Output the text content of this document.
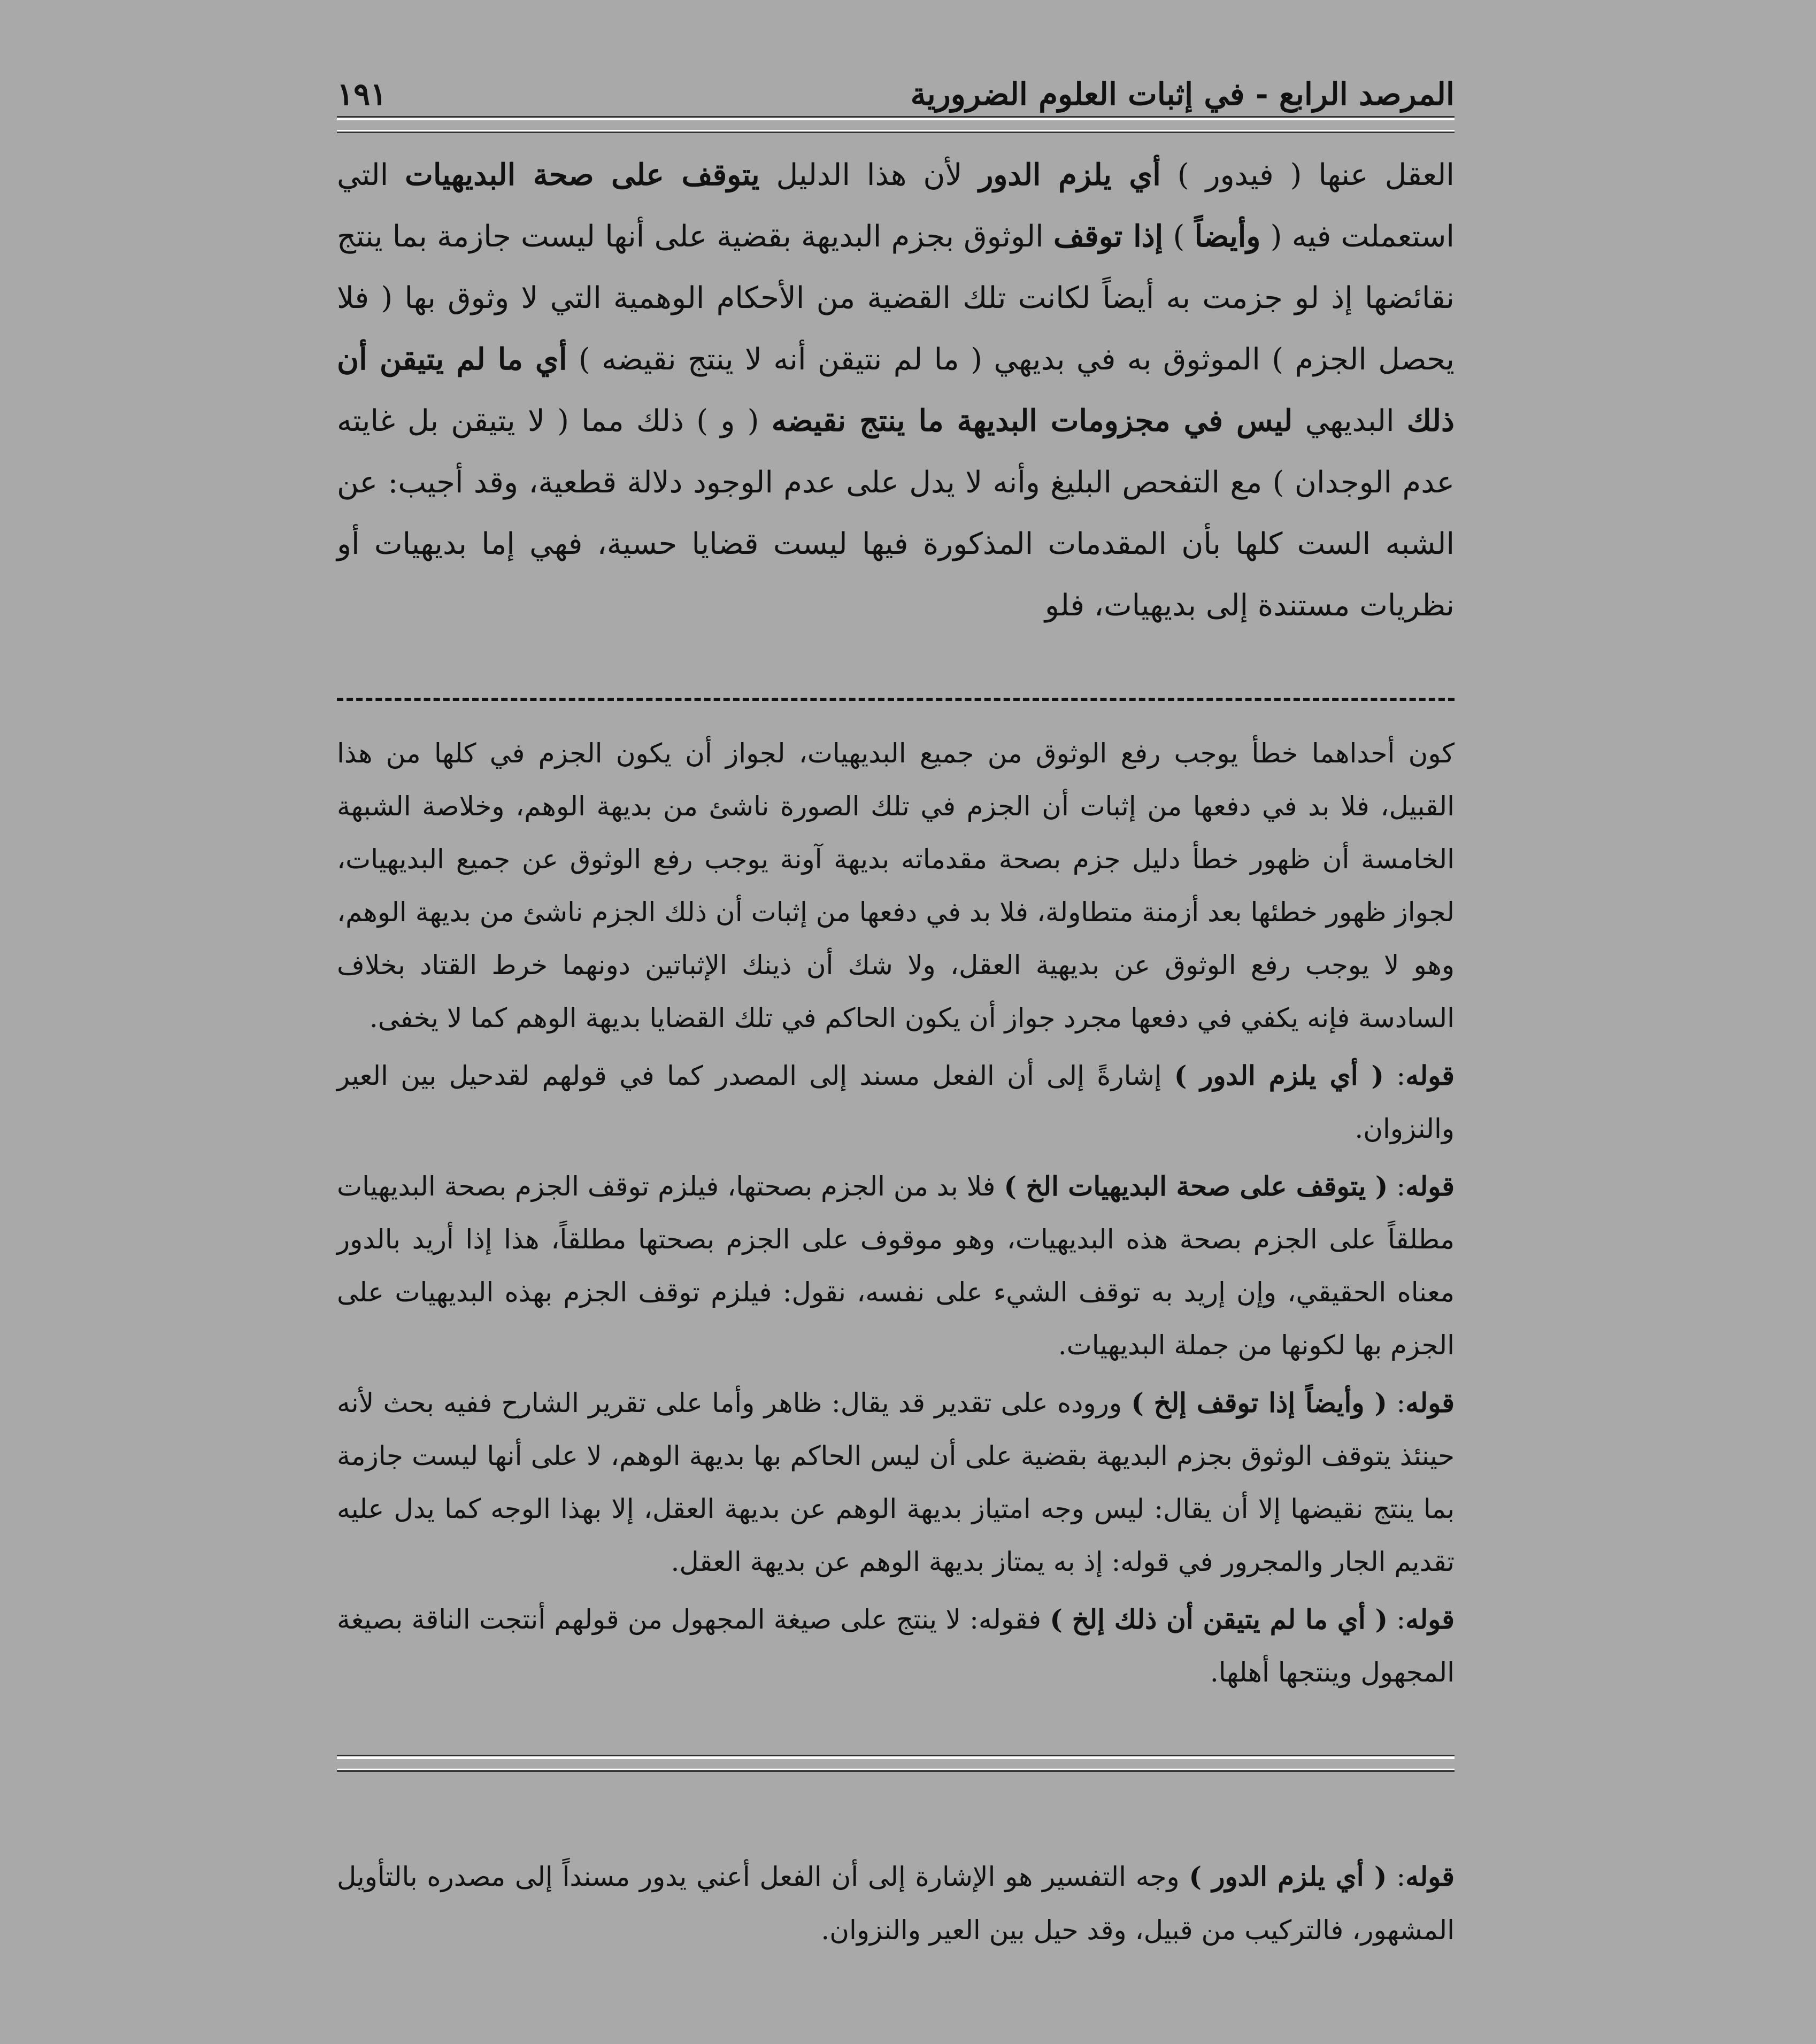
المرصد الرابع - في إثبات العلوم الضرورية
١٩١

العقل عنها ( فيدور ) أي يلزم الدور لأن هذا الدليل يتوقف على صحة البديهيات التي استعملت فيه ( وأيضاً ) إذا توقف الوثوق بجزم البديهة بقضية على أنها ليست جازمة بما ينتج نقائضها إذ لو جزمت به أيضاً لكانت تلك القضية من الأحكام الوهمية التي لا وثوق بها ( فلا يحصل الجزم ) الموثوق به في بديهي ( ما لم نتيقن أنه لا ينتج نقيضه ) أي ما لم يتيقن أن ذلك البديهي ليس في مجزومات البديهة ما ينتج نقيضه ( و ) ذلك مما ( لا يتيقن بل غايته عدم الوجدان ) مع التفحص البليغ وأنه لا يدل على عدم الوجود دلالة قطعية، وقد أجيب: عن الشبه الست كلها بأن المقدمات المذكورة فيها ليست قضايا حسية، فهي إما بديهيات أو نظريات مستندة إلى بديهيات، فلو

كون أحداهما خطأ يوجب رفع الوثوق من جميع البديهيات، لجواز أن يكون الجزم في كلها من هذا القبيل، فلا بد في دفعها من إثبات أن الجزم في تلك الصورة ناشئ من بديهة الوهم، وخلاصة الشبهة الخامسة أن ظهور خطأ دليل جزم بصحة مقدماته بديهة آونة يوجب رفع الوثوق عن جميع البديهيات، لجواز ظهور خطئها بعد أزمنة متطاولة، فلا بد في دفعها من إثبات أن ذلك الجزم ناشئ من بديهة الوهم، وهو لا يوجب رفع الوثوق عن بديهية العقل، ولا شك أن ذينك الإثباتين دونهما خرط القتاد بخلاف السادسة فإنه يكفي في دفعها مجرد جواز أن يكون الحاكم في تلك القضايا بديهة الوهم كما لا يخفى.

قوله: ( أي يلزم الدور ) إشارةً إلى أن الفعل مسند إلى المصدر كما في قولهم لقدحيل بين العير والنزوان.

قوله: ( يتوقف على صحة البديهيات الخ ) فلا بد من الجزم بصحتها، فيلزم توقف الجزم بصحة البديهيات مطلقاً على الجزم بصحة هذه البديهيات، وهو موقوف على الجزم بصحتها مطلقاً، هذا إذا أريد بالدور معناه الحقيقي، وإن إريد به توقف الشيء على نفسه، نقول: فيلزم توقف الجزم بهذه البديهيات على الجزم بها لكونها من جملة البديهيات.

قوله: ( وأيضاً إذا توقف إلخ ) وروده على تقدير قد يقال: ظاهر وأما على تقرير الشارح ففيه بحث لأنه حينئذ يتوقف الوثوق بجزم البديهة بقضية على أن ليس الحاكم بها بديهة الوهم، لا على أنها ليست جازمة بما ينتج نقيضها إلا أن يقال: ليس وجه امتياز بديهة الوهم عن بديهة العقل، إلا بهذا الوجه كما يدل عليه تقديم الجار والمجرور في قوله: إذ به يمتاز بديهة الوهم عن بديهة العقل.

قوله: ( أي ما لم يتيقن أن ذلك إلخ ) فقوله: لا ينتج على صيغة المجهول من قولهم أنتجت الناقة بصيغة المجهول وينتجها أهلها.

قوله: ( أي يلزم الدور ) وجه التفسير هو الإشارة إلى أن الفعل أعني يدور مسنداً إلى مصدره بالتأويل المشهور، فالتركيب من قبيل، وقد حيل بين العير والنزوان.
